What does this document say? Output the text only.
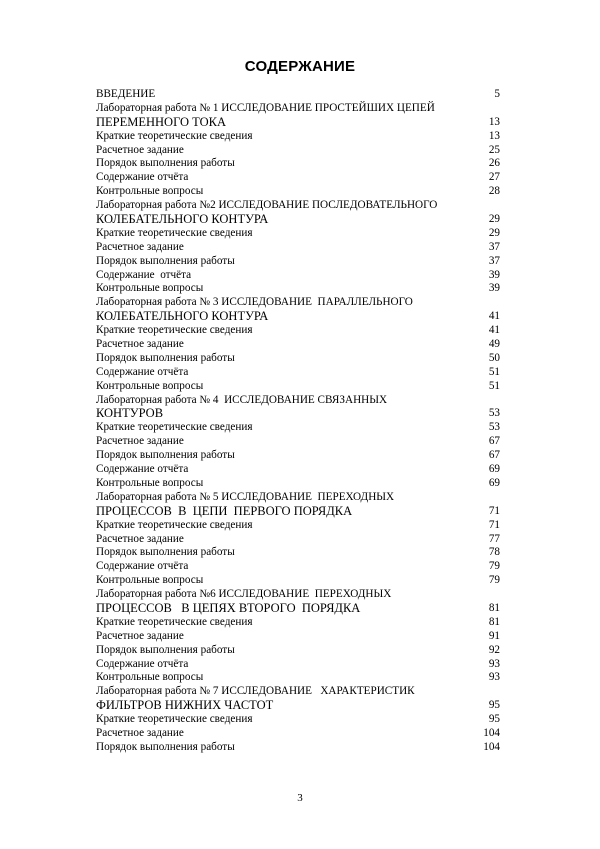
СОДЕРЖАНИЕ
ВВЕДЕНИЕ	5
Лабораторная работа № 1 ИССЛЕДОВАНИЕ ПРОСТЕЙШИХ ЦЕПЕЙ
ПЕРЕМЕННОГО ТОКА	13
Краткие теоретические сведения	13
Расчетное задание	25
Порядок выполнения работы	26
Содержание отчёта	27
Контрольные вопросы	28
Лабораторная работа №2 ИССЛЕДОВАНИЕ ПОСЛЕДОВАТЕЛЬНОГО
КОЛЕБАТЕЛЬНОГО КОНТУРА	29
Краткие теоретические сведения	29
Расчетное задание	37
Порядок выполнения работы	37
Содержание  отчёта	39
Контрольные вопросы	39
Лабораторная работа № 3 ИССЛЕДОВАНИЕ  ПАРАЛЛЕЛЬНОГО
КОЛЕБАТЕЛЬНОГО КОНТУРА	41
Краткие теоретические сведения	41
Расчетное задание	49
Порядок выполнения работы	50
Содержание отчёта	51
Контрольные вопросы	51
Лабораторная работа № 4  ИССЛЕДОВАНИЕ СВЯЗАННЫХ
КОНТУРОВ	53
Краткие теоретические сведения	53
Расчетное задание	67
Порядок выполнения работы	67
Содержание отчёта	69
Контрольные вопросы	69
Лабораторная работа № 5 ИССЛЕДОВАНИЕ  ПЕРЕХОДНЫХ
ПРОЦЕССОВ  В  ЦЕПИ  ПЕРВОГО ПОРЯДКА	71
Краткие теоретические сведения	71
Расчетное задание	77
Порядок выполнения работы	78
Содержание отчёта	79
Контрольные вопросы	79
Лабораторная работа №6 ИССЛЕДОВАНИЕ  ПЕРЕХОДНЫХ
ПРОЦЕССОВ   В ЦЕПЯХ ВТОРОГО  ПОРЯДКА	81
Краткие теоретические сведения	81
Расчетное задание	91
Порядок выполнения работы	92
Содержание отчёта	93
Контрольные вопросы	93
Лабораторная работа № 7 ИССЛЕДОВАНИЕ   ХАРАКТЕРИСТИК
ФИЛЬТРОВ НИЖНИХ ЧАСТОТ	95
Краткие теоретические сведения	95
Расчетное задание	104
Порядок выполнения работы	104
3
